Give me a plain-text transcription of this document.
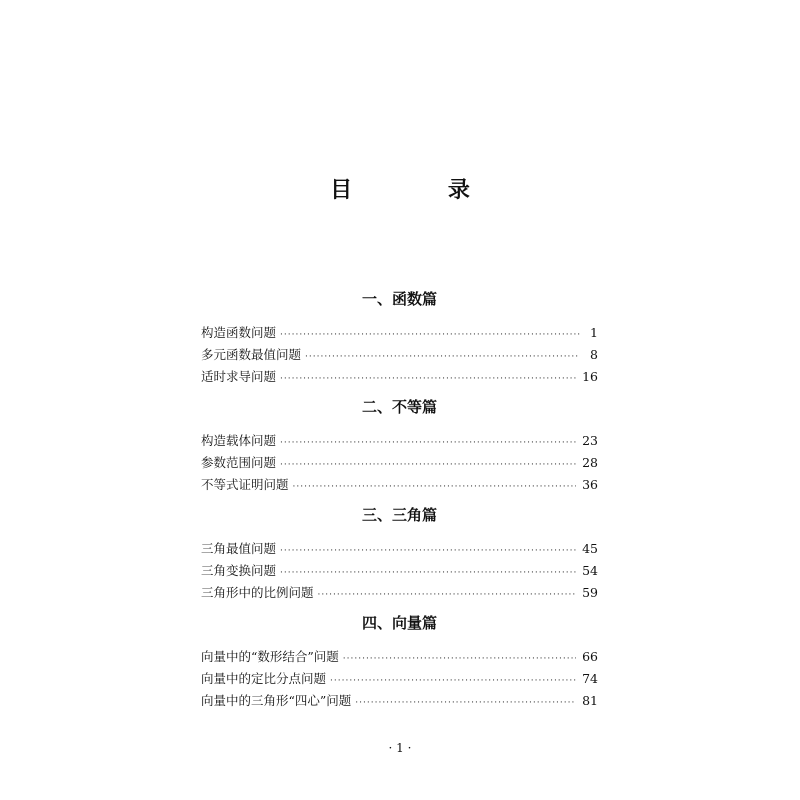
目 录
一、函数篇
构造函数问题 ·····	1
多元函数最值问题 ·····	8
适时求导问题 ·····	16
二、不等篇
构造载体问题 ·····	23
参数范围问题 ·····	28
不等式证明问题 ·····	36
三、三角篇
三角最值问题 ·····	45
三角变换问题 ·····	54
三角形中的比例问题 ·····	59
四、向量篇
向量中的“数形结合”问题 ·····	66
向量中的定比分点问题 ·····	74
向量中的三角形“四心”问题 ·····	81
· 1 ·
